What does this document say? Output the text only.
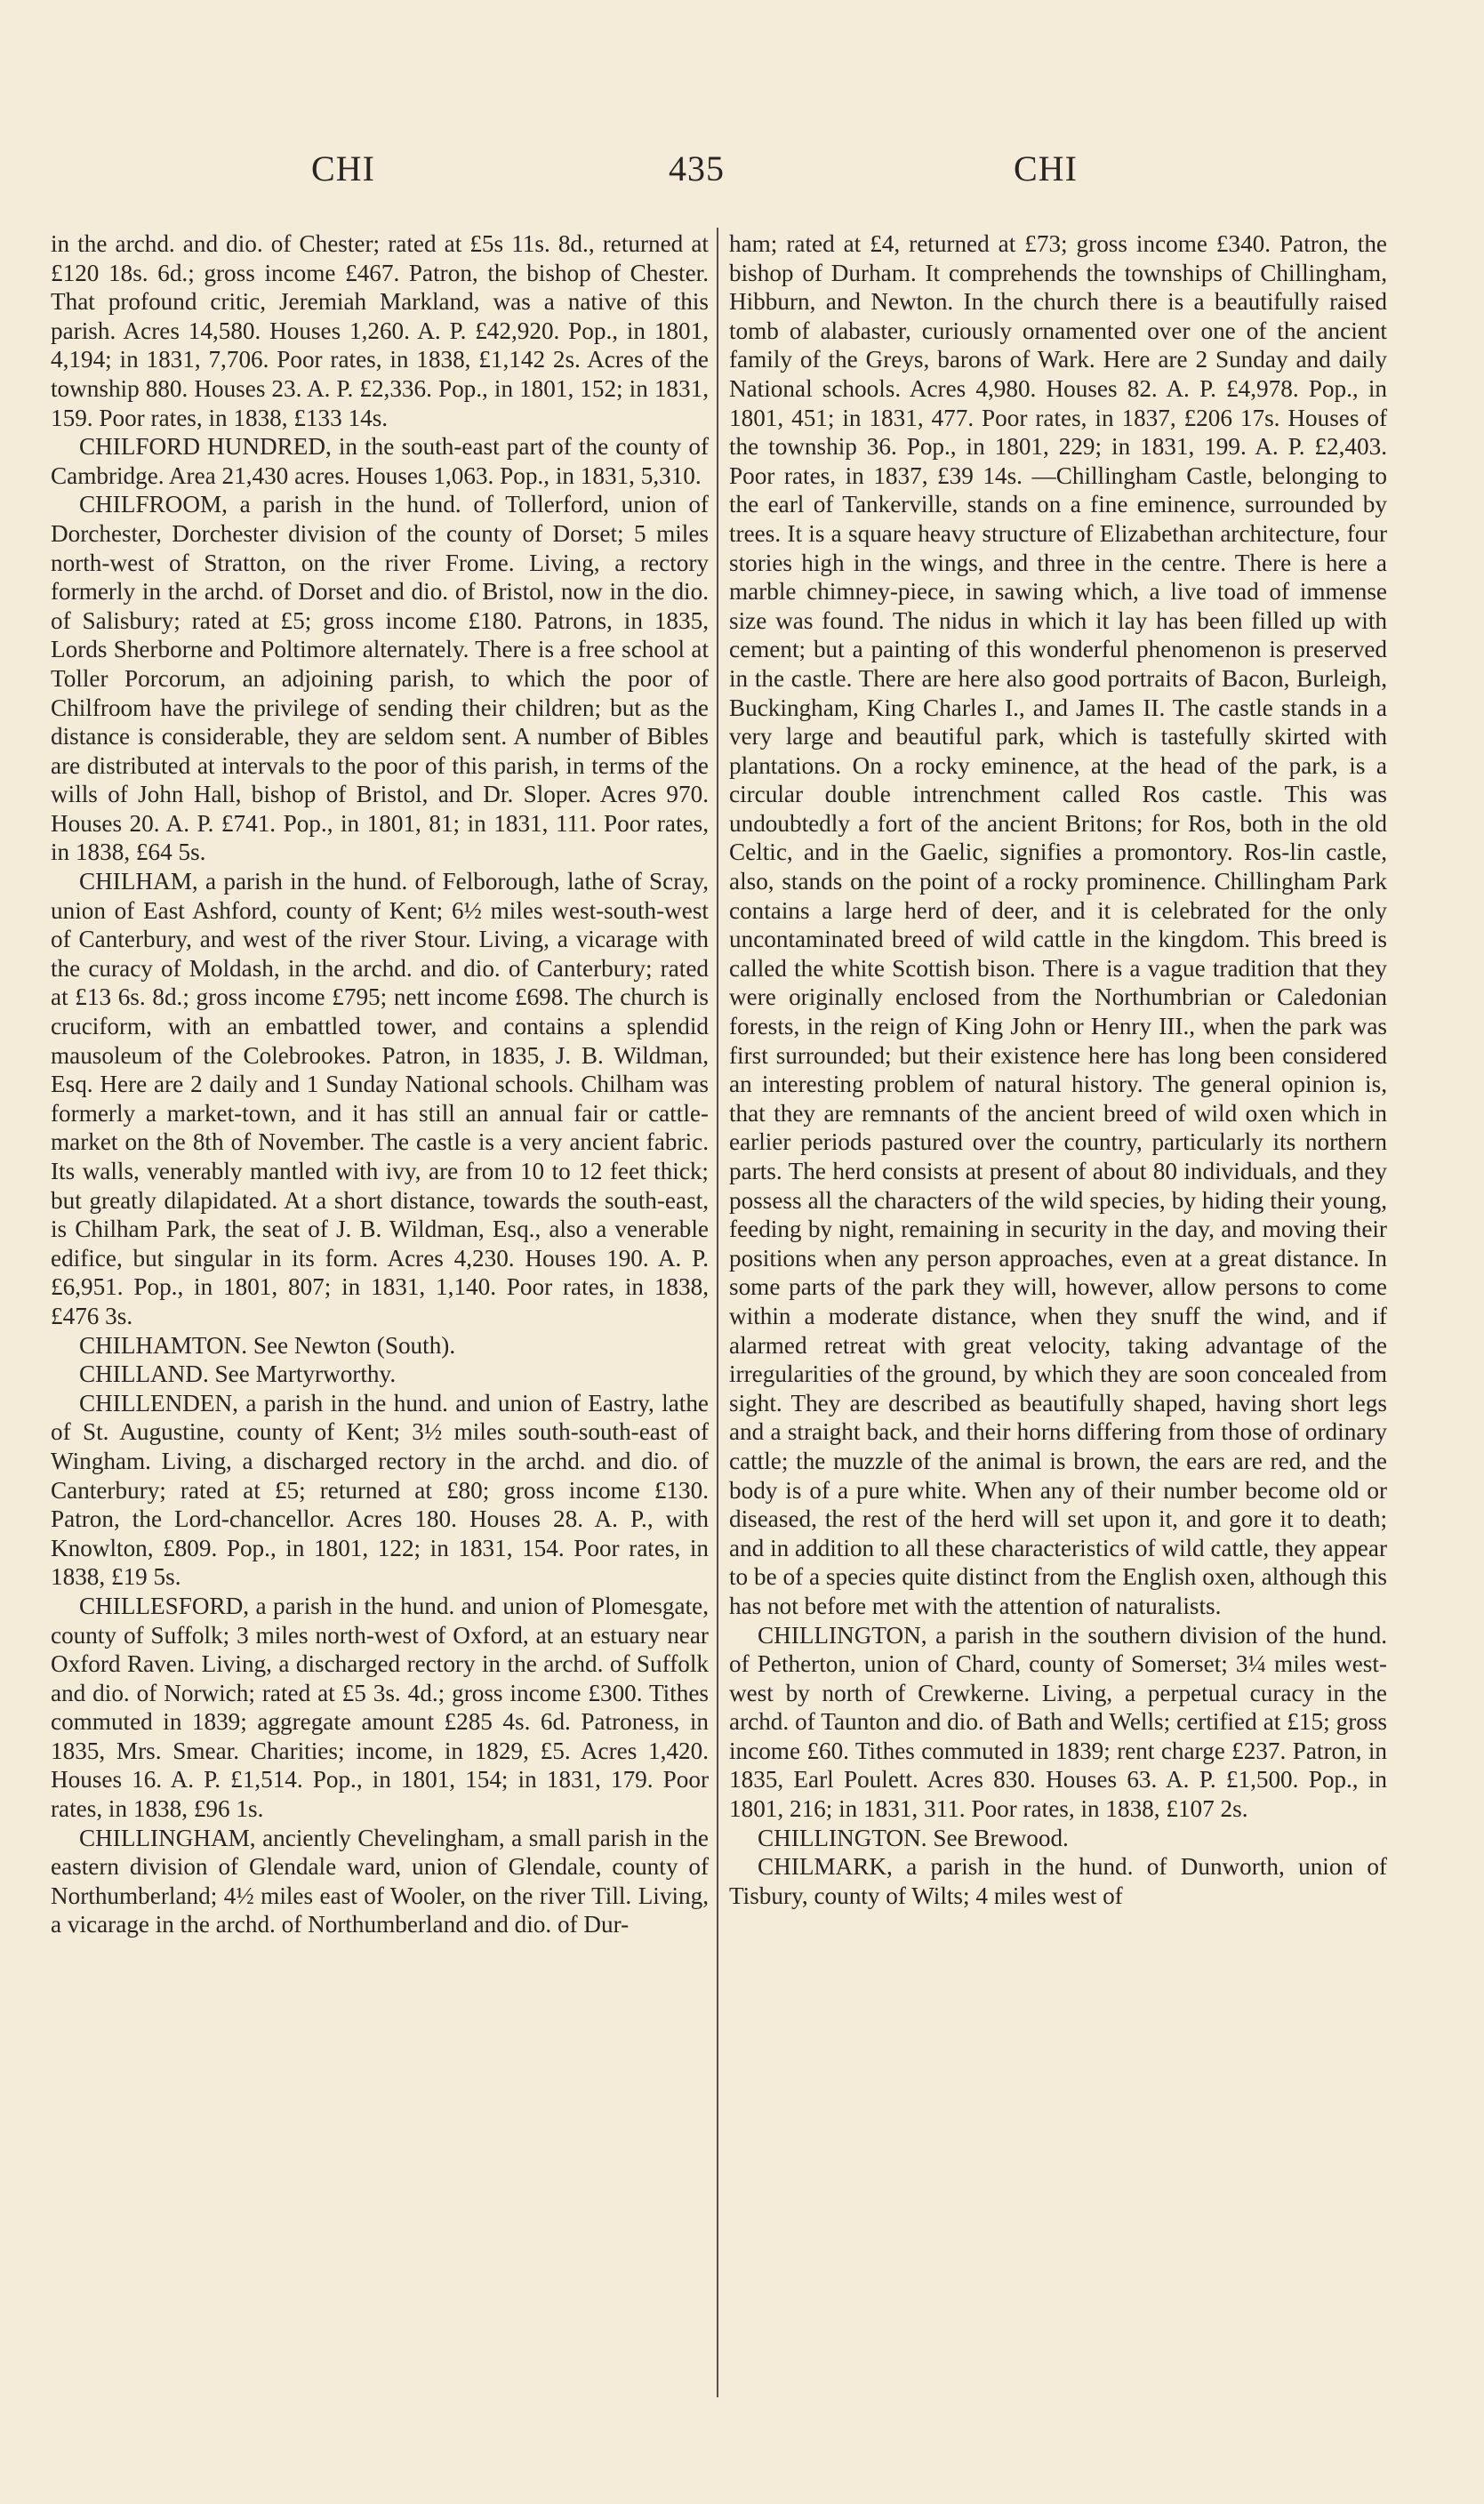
CHI	435	CHI

in the archd. and dio. of Chester; rated at £5s 11s. 8d., returned at £120 18s. 6d.; gross income £467. Patron, the bishop of Chester. That profound critic, Jeremiah Markland, was a native of this parish. Acres 14,580. Houses 1,260. A. P. £42,920. Pop., in 1801, 4,194; in 1831, 7,706. Poor rates, in 1838, £1,142 2s. Acres of the township 880. Houses 23. A. P. £2,336. Pop., in 1801, 152; in 1831, 159. Poor rates, in 1838, £133 14s.

CHILFORD HUNDRED, in the south-east part of the county of Cambridge. Area 21,430 acres. Houses 1,063. Pop., in 1831, 5,310.

CHILFROOM, a parish in the hund. of Tollerford, union of Dorchester, Dorchester division of the county of Dorset; 5 miles north-west of Stratton, on the river Frome. Living, a rectory formerly in the archd. of Dorset and dio. of Bristol, now in the dio. of Salisbury; rated at £5; gross income £180. Patrons, in 1835, Lords Sherborne and Poltimore alternately. There is a free school at Toller Porcorum, an adjoining parish, to which the poor of Chilfroom have the privilege of sending their children; but as the distance is considerable, they are seldom sent. A number of Bibles are distributed at intervals to the poor of this parish, in terms of the wills of John Hall, bishop of Bristol, and Dr. Sloper. Acres 970. Houses 20. A. P. £741. Pop., in 1801, 81; in 1831, 111. Poor rates, in 1838, £64 5s.

CHILHAM, a parish in the hund. of Felborough, lathe of Scray, union of East Ashford, county of Kent; 6½ miles west-south-west of Canterbury, and west of the river Stour. Living, a vicarage with the curacy of Moldash, in the archd. and dio. of Canterbury; rated at £13 6s. 8d.; gross income £795; nett income £698. The church is cruciform, with an embattled tower, and contains a splendid mausoleum of the Colebrookes. Patron, in 1835, J. B. Wildman, Esq. Here are 2 daily and 1 Sunday National schools. Chilham was formerly a market-town, and it has still an annual fair or cattle-market on the 8th of November. The castle is a very ancient fabric. Its walls, venerably mantled with ivy, are from 10 to 12 feet thick; but greatly dilapidated. At a short distance, towards the south-east, is Chilham Park, the seat of J. B. Wildman, Esq., also a venerable edifice, but singular in its form. Acres 4,230. Houses 190. A. P. £6,951. Pop., in 1801, 807; in 1831, 1,140. Poor rates, in 1838, £476 3s.

CHILHAMTON. See Newton (South).

CHILLAND. See Martyrworthy.

CHILLENDEN, a parish in the hund. and union of Eastry, lathe of St. Augustine, county of Kent; 3½ miles south-south-east of Wingham. Living, a discharged rectory in the archd. and dio. of Canterbury; rated at £5; returned at £80; gross income £130. Patron, the Lord-chancellor. Acres 180. Houses 28. A. P., with Knowlton, £809. Pop., in 1801, 122; in 1831, 154. Poor rates, in 1838, £19 5s.

CHILLESFORD, a parish in the hund. and union of Plomesgate, county of Suffolk; 3 miles north-west of Oxford, at an estuary near Oxford Raven. Living, a discharged rectory in the archd. of Suffolk and dio. of Norwich; rated at £5 3s. 4d.; gross income £300. Tithes commuted in 1839; aggregate amount £285 4s. 6d. Patroness, in 1835, Mrs. Smear. Charities; income, in 1829, £5. Acres 1,420. Houses 16. A. P. £1,514. Pop., in 1801, 154; in 1831, 179. Poor rates, in 1838, £96 1s.

CHILLINGHAM, anciently Chevelingham, a small parish in the eastern division of Glendale ward, union of Glendale, county of Northumberland; 4½ miles east of Wooler, on the river Till. Living, a vicarage in the archd. of Northumberland and dio. of Dur-

ham; rated at £4, returned at £73; gross income £340. Patron, the bishop of Durham. It comprehends the townships of Chillingham, Hibburn, and Newton. In the church there is a beautifully raised tomb of alabaster, curiously ornamented over one of the ancient family of the Greys, barons of Wark. Here are 2 Sunday and daily National schools. Acres 4,980. Houses 82. A. P. £4,978. Pop., in 1801, 451; in 1831, 477. Poor rates, in 1837, £206 17s. Houses of the township 36. Pop., in 1801, 229; in 1831, 199. A. P. £2,403. Poor rates, in 1837, £39 14s. —Chillingham Castle, belonging to the earl of Tankerville, stands on a fine eminence, surrounded by trees. It is a square heavy structure of Elizabethan architecture, four stories high in the wings, and three in the centre. There is here a marble chimney-piece, in sawing which, a live toad of immense size was found. The nidus in which it lay has been filled up with cement; but a painting of this wonderful phenomenon is preserved in the castle. There are here also good portraits of Bacon, Burleigh, Buckingham, King Charles I., and James II. The castle stands in a very large and beautiful park, which is tastefully skirted with plantations. On a rocky eminence, at the head of the park, is a circular double intrenchment called Ros castle. This was undoubtedly a fort of the ancient Britons; for Ros, both in the old Celtic, and in the Gaelic, signifies a promontory. Ros-lin castle, also, stands on the point of a rocky prominence. Chillingham Park contains a large herd of deer, and it is celebrated for the only uncontaminated breed of wild cattle in the kingdom. This breed is called the white Scottish bison. There is a vague tradition that they were originally enclosed from the Northumbrian or Caledonian forests, in the reign of King John or Henry III., when the park was first surrounded; but their existence here has long been considered an interesting problem of natural history. The general opinion is, that they are remnants of the ancient breed of wild oxen which in earlier periods pastured over the country, particularly its northern parts. The herd consists at present of about 80 individuals, and they possess all the characters of the wild species, by hiding their young, feeding by night, remaining in security in the day, and moving their positions when any person approaches, even at a great distance. In some parts of the park they will, however, allow persons to come within a moderate distance, when they snuff the wind, and if alarmed retreat with great velocity, taking advantage of the irregularities of the ground, by which they are soon concealed from sight. They are described as beautifully shaped, having short legs and a straight back, and their horns differing from those of ordinary cattle; the muzzle of the animal is brown, the ears are red, and the body is of a pure white. When any of their number become old or diseased, the rest of the herd will set upon it, and gore it to death; and in addition to all these characteristics of wild cattle, they appear to be of a species quite distinct from the English oxen, although this has not before met with the attention of naturalists.

CHILLINGTON, a parish in the southern division of the hund. of Petherton, union of Chard, county of Somerset; 3¼ miles west-west by north of Crewkerne. Living, a perpetual curacy in the archd. of Taunton and dio. of Bath and Wells; certified at £15; gross income £60. Tithes commuted in 1839; rent charge £237. Patron, in 1835, Earl Poulett. Acres 830. Houses 63. A. P. £1,500. Pop., in 1801, 216; in 1831, 311. Poor rates, in 1838, £107 2s.

CHILLINGTON. See Brewood.

CHILMARK, a parish in the hund. of Dunworth, union of Tisbury, county of Wilts; 4 miles west of
